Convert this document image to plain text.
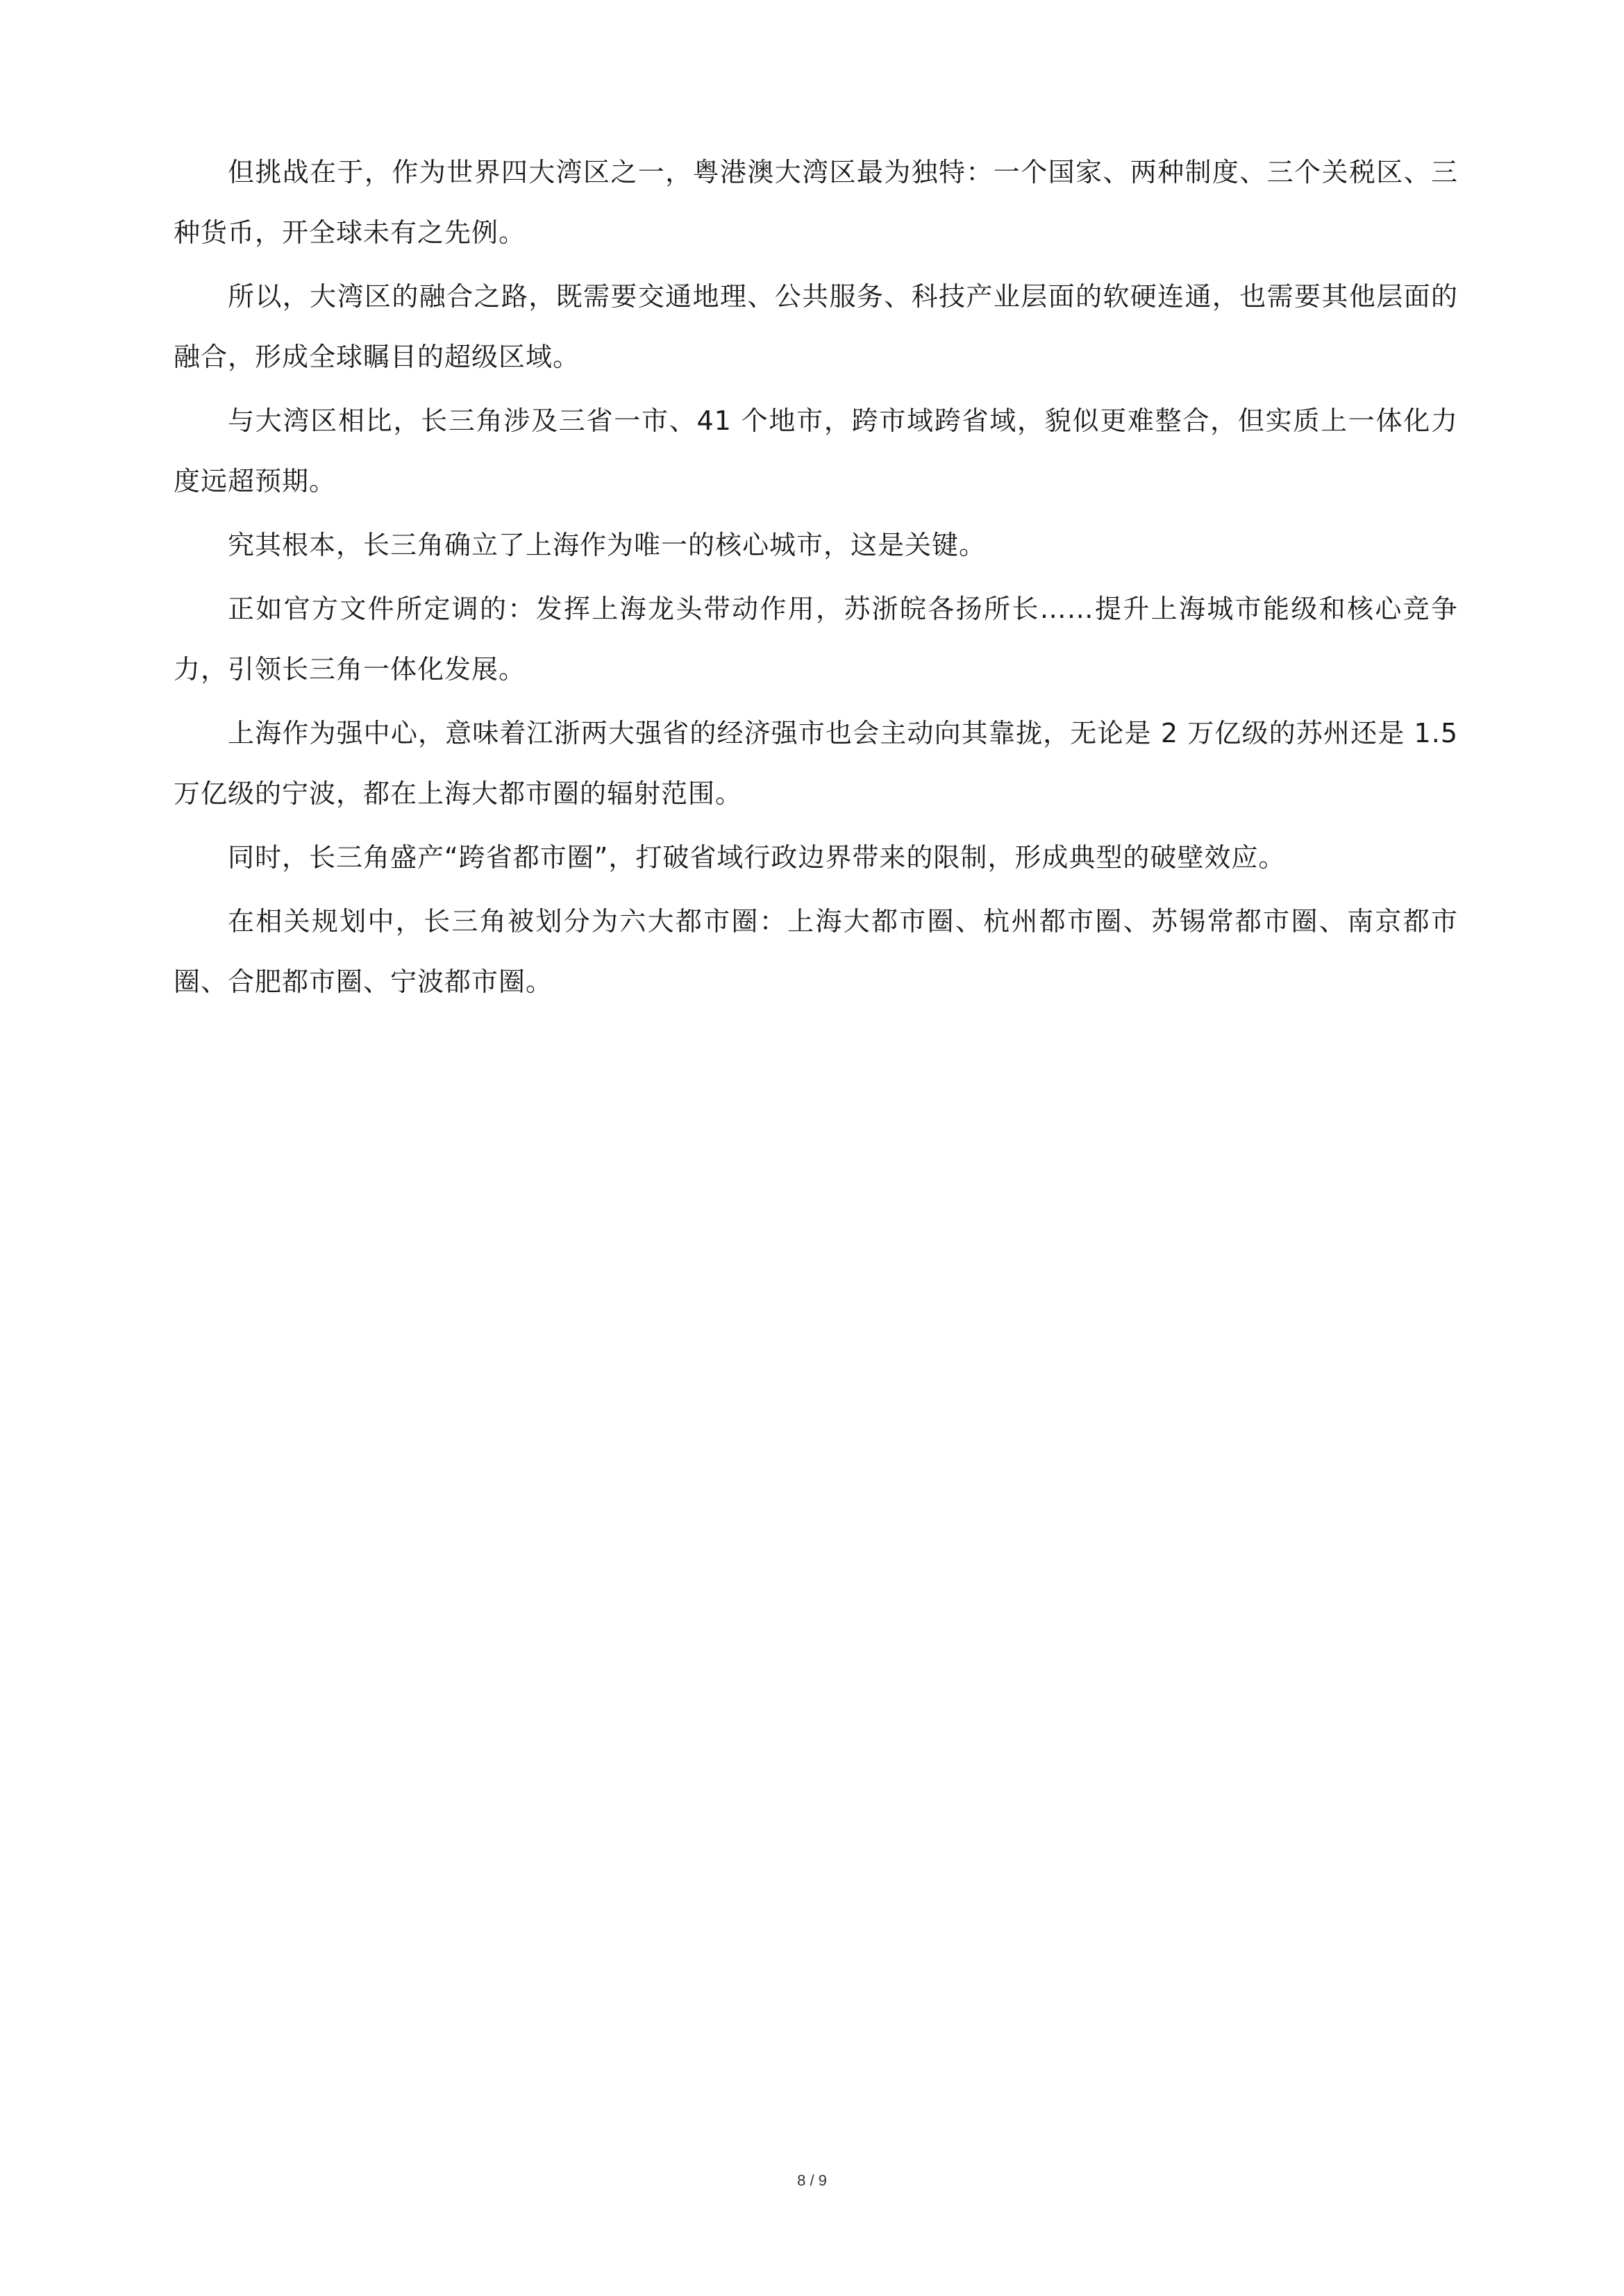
但挑战在于，作为世界四大湾区之一，粤港澳大湾区最为独特：一个国家、两种制度、三个关税区、三种货币，开全球未有之先例。

所以，大湾区的融合之路，既需要交通地理、公共服务、科技产业层面的软硬连通，也需要其他层面的融合，形成全球瞩目的超级区域。

与大湾区相比，长三角涉及三省一市、41 个地市，跨市域跨省域，貌似更难整合，但实质上一体化力度远超预期。

究其根本，长三角确立了上海作为唯一的核心城市，这是关键。

正如官方文件所定调的：发挥上海龙头带动作用，苏浙皖各扬所长……提升上海城市能级和核心竞争力，引领长三角一体化发展。

上海作为强中心，意味着江浙两大强省的经济强市也会主动向其靠拢，无论是 2 万亿级的苏州还是 1.5 万亿级的宁波，都在上海大都市圈的辐射范围。

同时，长三角盛产“跨省都市圈”，打破省域行政边界带来的限制，形成典型的破壁效应。

在相关规划中，长三角被划分为六大都市圈：上海大都市圈、杭州都市圈、苏锡常都市圈、南京都市圈、合肥都市圈、宁波都市圈。

8 / 9
